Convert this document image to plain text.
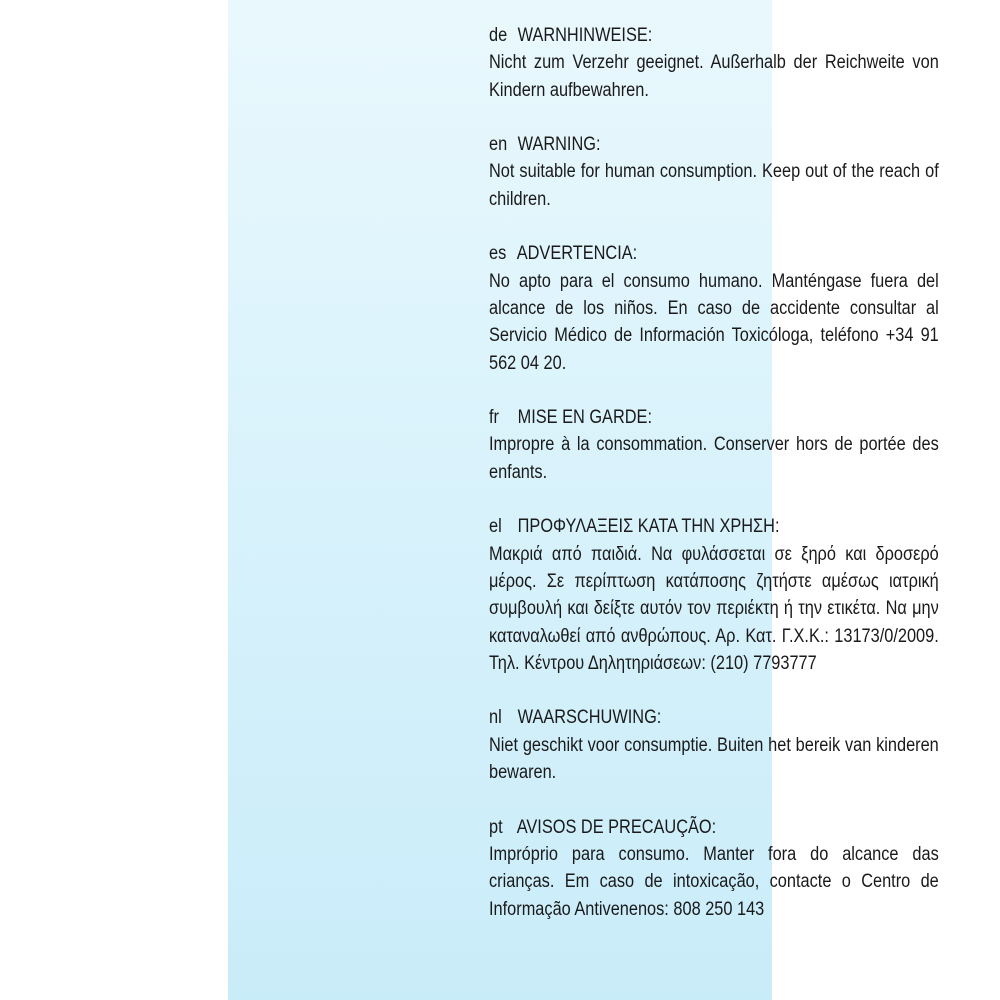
de WARNHINWEISE:
Nicht zum Verzehr geeignet. Außerhalb der Reichweite von Kindern aufbewahren.
en WARNING:
Not suitable for human consumption. Keep out of the reach of children.
es ADVERTENCIA:
No apto para el consumo humano. Manténgase fuera del alcance de los niños. En caso de accidente consultar al Servicio Médico de Información Toxicóloga, teléfono +34 91 562 04 20.
fr MISE EN GARDE:
Impropre à la consommation. Conserver hors de portée des enfants.
el ΠΡΟΦΥΛΑΞΕΙΣ ΚΑΤΑ ΤΗΝ ΧΡΗΣΗ:
Μακριά από παιδιά. Να φυλάσσεται σε ξηρό και δροσερό μέρος. Σε περίπτωση κατάποσης ζητήστε αμέσως ιατρική συμβουλή και δείξτε αυτόν τον περιέκτη ή την ετικέτα. Να μην καταναλωθεί από ανθρώπους. Αρ. Κατ. Γ.Χ.Κ.: 13173/0/2009. Τηλ. Κέντρου Δηλητηριάσεων: (210) 7793777
nl WAARSCHUWING:
Niet geschikt voor consumptie. Buiten het bereik van kinderen bewaren.
pt AVISOS DE PRECAUÇÃO:
Impróprio para consumo. Manter fora do alcance das crianças. Em caso de intoxicação, contacte o Centro de Informação Antivenenos: 808 250 143
